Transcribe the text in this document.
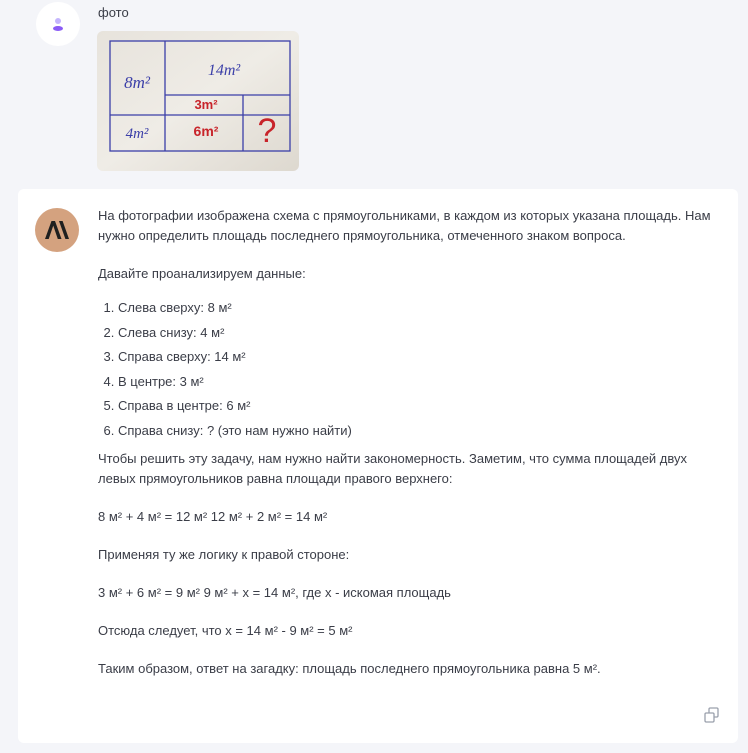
фото
8m²
14m²
3m²
4m²	6m² ?

На фотографии изображена схема с прямоугольниками, в каждом из которых указана площадь. Нам нужно определить площадь последнего прямоугольника, отмеченного знаком вопроса.

Давайте проанализируем данные:

1. Слева сверху: 8 м²
2. Слева снизу: 4 м²
3. Справа сверху: 14 м²
4. В центре: 3 м²
5. Справа в центре: 6 м²
6. Справа снизу: ? (это нам нужно найти)

Чтобы решить эту задачу, нам нужно найти закономерность. Заметим, что сумма площадей двух левых прямоугольников равна площади правого верхнего:

8 м² + 4 м² = 12 м² 12 м² + 2 м² = 14 м²

Применяя ту же логику к правой стороне:

3 м² + 6 м² = 9 м² 9 м² + x = 14 м², где x - искомая площадь

Отсюда следует, что x = 14 м² - 9 м² = 5 м²

Таким образом, ответ на загадку: площадь последнего прямоугольника равна 5 м².
